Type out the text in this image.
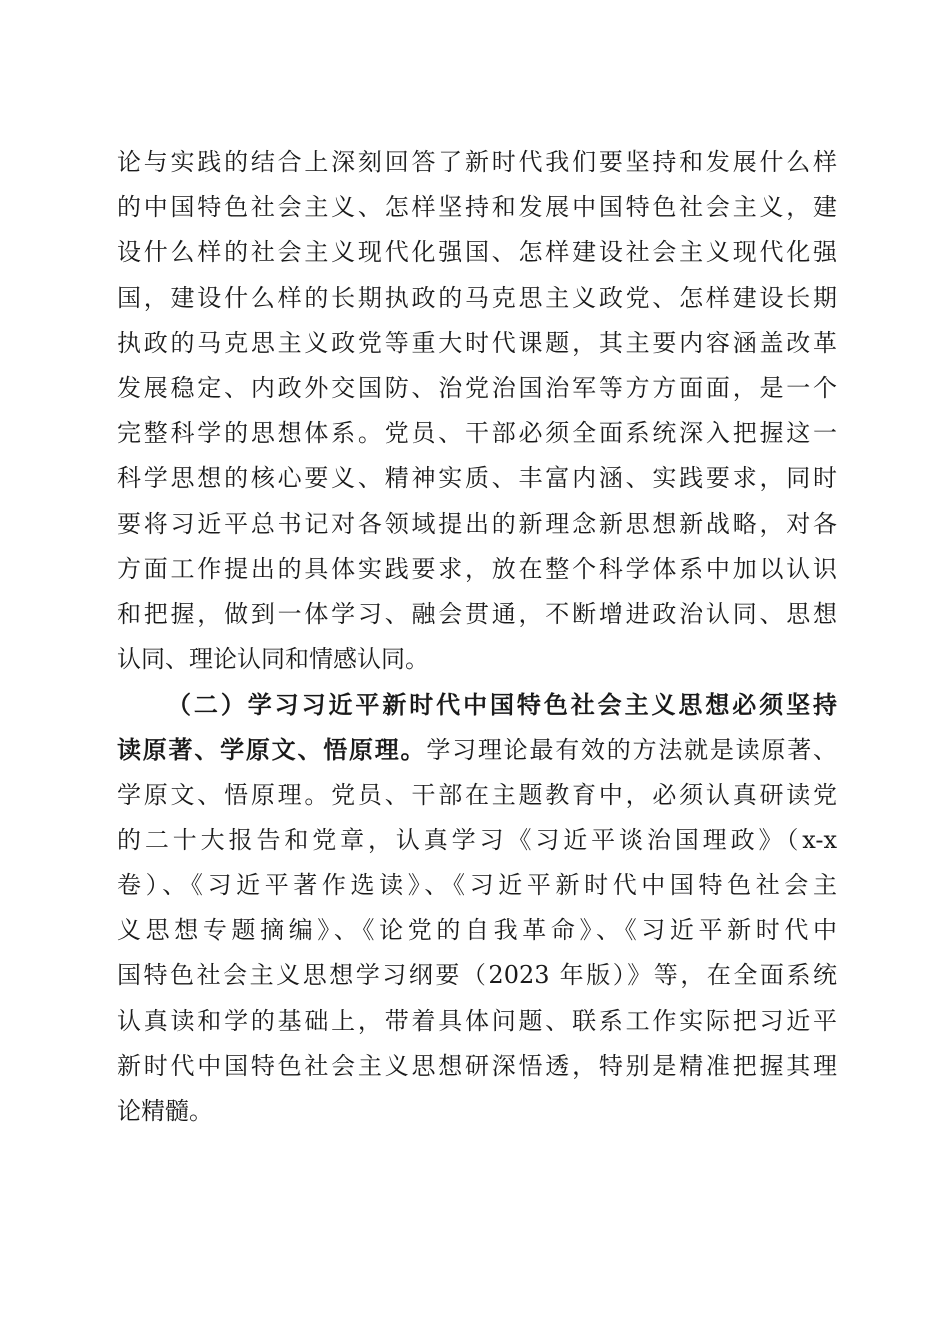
论与实践的结合上深刻回答了新时代我们要坚持和发展什么样
的中国特色社会主义、怎样坚持和发展中国特色社会主义，建
设什么样的社会主义现代化强国、怎样建设社会主义现代化强
国，建设什么样的长期执政的马克思主义政党、怎样建设长期
执政的马克思主义政党等重大时代课题，其主要内容涵盖改革
发展稳定、内政外交国防、治党治国治军等方方面面，是一个
完整科学的思想体系。党员、干部必须全面系统深入把握这一
科学思想的核心要义、精神实质、丰富内涵、实践要求，同时
要将习近平总书记对各领域提出的新理念新思想新战略，对各
方面工作提出的具体实践要求，放在整个科学体系中加以认识
和把握，做到一体学习、融会贯通，不断增进政治认同、思想
认同、理论认同和情感认同。
（二）学习习近平新时代中国特色社会主义思想必须坚持
读原著、学原文、悟原理。学习理论最有效的方法就是读原著、
学原文、悟原理。党员、干部在主题教育中，必须认真研读党
的二十大报告和党章，认真学习《习近平谈治国理政》（x-x
卷）、《习近平著作选读》、《习近平新时代中国特色社会主
义思想专题摘编》、《论党的自我革命》、《习近平新时代中
国特色社会主义思想学习纲要（2023 年版）》等，在全面系统
认真读和学的基础上，带着具体问题、联系工作实际把习近平
新时代中国特色社会主义思想研深悟透，特别是精准把握其理
论精髓。
